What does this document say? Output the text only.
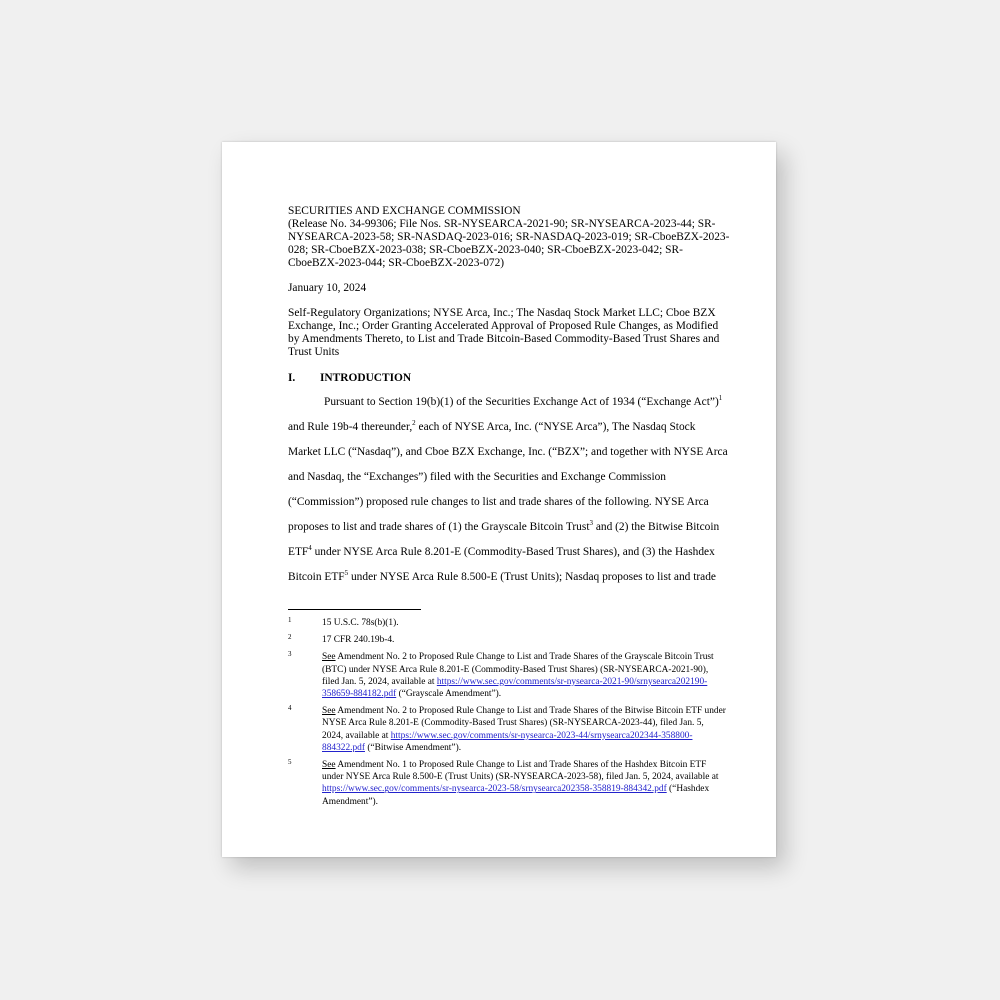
SECURITIES AND EXCHANGE COMMISSION
(Release No. 34-99306; File Nos. SR-NYSEARCA-2021-90; SR-NYSEARCA-2023-44; SR-
NYSEARCA-2023-58; SR-NASDAQ-2023-016; SR-NASDAQ-2023-019; SR-CboeBZX-2023-
028; SR-CboeBZX-2023-038; SR-CboeBZX-2023-040; SR-CboeBZX-2023-042; SR-
CboeBZX-2023-044; SR-CboeBZX-2023-072)
January 10, 2024
Self-Regulatory Organizations; NYSE Arca, Inc.; The Nasdaq Stock Market LLC; Cboe BZX
Exchange, Inc.; Order Granting Accelerated Approval of Proposed Rule Changes, as Modified
by Amendments Thereto, to List and Trade Bitcoin-Based Commodity-Based Trust Shares and
Trust Units
I. INTRODUCTION
Pursuant to Section 19(b)(1) of the Securities Exchange Act of 1934 (“Exchange Act”)$^1$
and Rule 19b-4 thereunder,$^2$ each of NYSE Arca, Inc. (“NYSE Arca”), The Nasdaq Stock
Market LLC (“Nasdaq”), and Cboe BZX Exchange, Inc. (“BZX”; and together with NYSE Arca
and Nasdaq, the “Exchanges”) filed with the Securities and Exchange Commission
(“Commission”) proposed rule changes to list and trade shares of the following. NYSE Arca
proposes to list and trade shares of (1) the Grayscale Bitcoin Trust$^3$ and (2) the Bitwise Bitcoin
ETF$^4$ under NYSE Arca Rule 8.201-E (Commodity-Based Trust Shares), and (3) the Hashdex
Bitcoin ETF$^5$ under NYSE Arca Rule 8.500-E (Trust Units); Nasdaq proposes to list and trade
1	15 U.S.C. 78s(b)(1).
2	17 CFR 240.19b-4.
3	See Amendment No. 2 to Proposed Rule Change to List and Trade Shares of the Grayscale Bitcoin Trust
(BTC) under NYSE Arca Rule 8.201-E (Commodity-Based Trust Shares) (SR-NYSEARCA-2021-90),
filed Jan. 5, 2024, available at https://www.sec.gov/comments/sr-nysearca-2021-90/srnysearca202190-
358659-884182.pdf (“Grayscale Amendment”).
4	See Amendment No. 2 to Proposed Rule Change to List and Trade Shares of the Bitwise Bitcoin ETF under
NYSE Arca Rule 8.201-E (Commodity-Based Trust Shares) (SR-NYSEARCA-2023-44), filed Jan. 5,
2024, available at https://www.sec.gov/comments/sr-nysearca-2023-44/srnysearca202344-358800-
884322.pdf (“Bitwise Amendment”).
5	See Amendment No. 1 to Proposed Rule Change to List and Trade Shares of the Hashdex Bitcoin ETF
under NYSE Arca Rule 8.500-E (Trust Units) (SR-NYSEARCA-2023-58), filed Jan. 5, 2024, available at
https://www.sec.gov/comments/sr-nysearca-2023-58/srnysearca202358-358819-884342.pdf (“Hashdex
Amendment”).
